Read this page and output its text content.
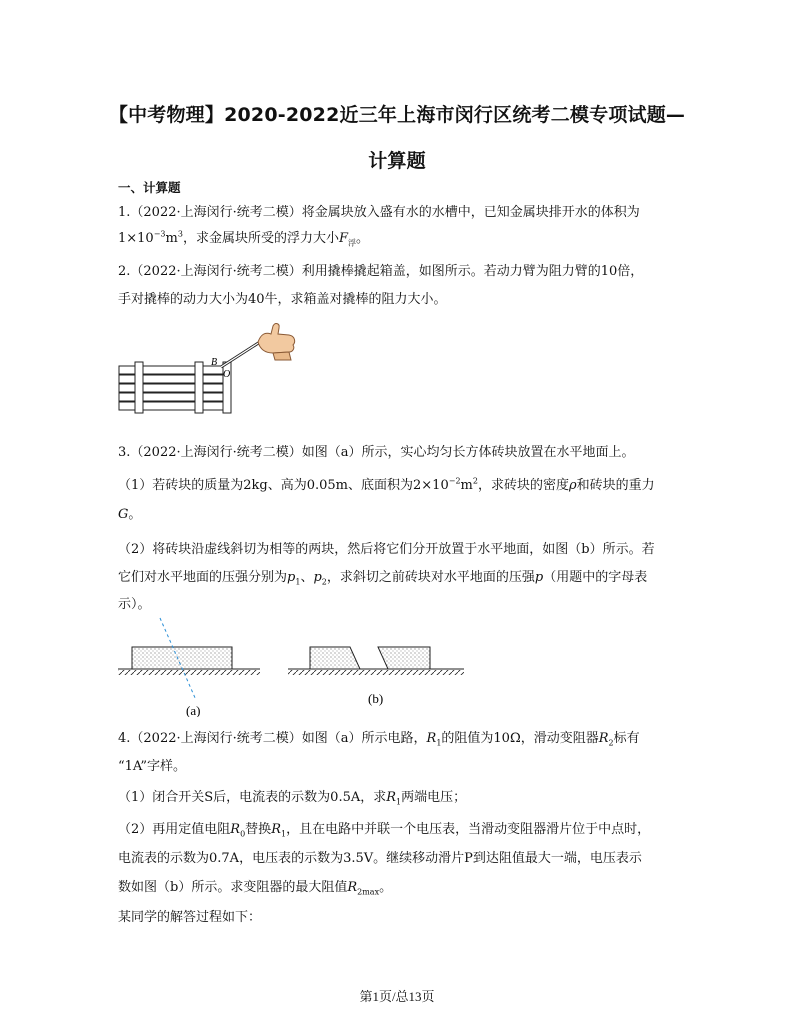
【中考物理】2020-2022近三年上海市闵行区统考二模专项试题—
计算题
一、计算题
1.（2022·上海闵行·统考二模）将金属块放入盛有水的水槽中，已知金属块排开水的体积为
$1\times 10^{-3}m^3$，求金属块所受的浮力大小$F_浮$。
2.（2022·上海闵行·统考二模）利用撬棒撬起箱盖，如图所示。若动力臂为阻力臂的10倍，
手对撬棒的动力大小为40牛，求箱盖对撬棒的阻力大小。
B
O
3.（2022·上海闵行·统考二模）如图（a）所示，实心均匀长方体砖块放置在水平地面上。
（1）若砖块的质量为2kg、高为0.05m、底面积为$2\times 10^{-2}m^2$，求砖块的密度ρ和砖块的重力
G。
（2）将砖块沿虚线斜切为相等的两块，然后将它们分开放置于水平地面，如图（b）所示。若
它们对水平地面的压强分别为$p_1$、$p_2$，求斜切之前砖块对水平地面的压强p（用题中的字母表
示）。
(a)
(b)
4.（2022·上海闵行·统考二模）如图（a）所示电路，$R_1$的阻值为10Ω，滑动变阻器$R_2$标有
“1A”字样。
（1）闭合开关S后，电流表的示数为0.5A，求$R_1$两端电压；
（2）再用定值电阻$R_0$替换$R_1$，且在电路中并联一个电压表，当滑动变阻器滑片位于中点时，
电流表的示数为0.7A，电压表的示数为3.5V。继续移动滑片P到达阻值最大一端，电压表示
数如图（b）所示。求变阻器的最大阻值$R_{2max}$。
某同学的解答过程如下：
第1页/总13页
